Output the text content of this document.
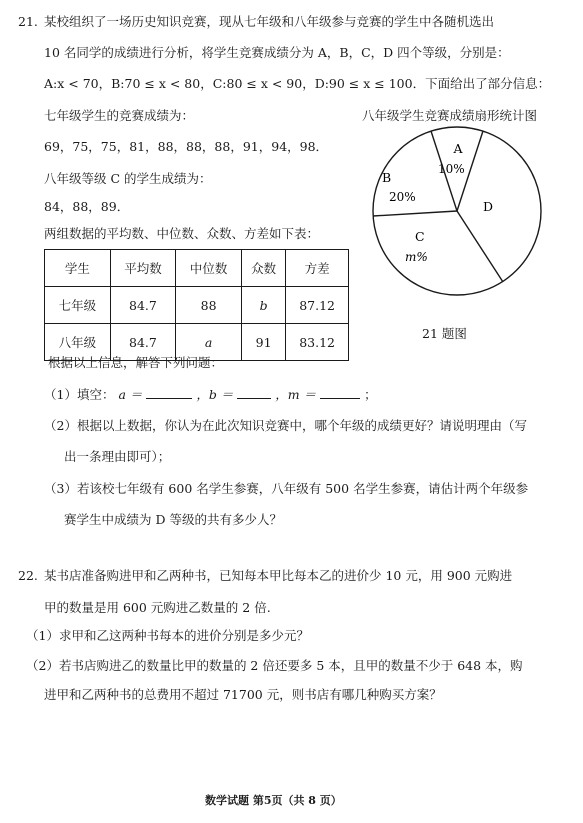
21. 某校组织了一场历史知识竞赛，现从七年级和八年级参与竞赛的学生中各随机选出
10 名同学的成绩进行分析，将学生竞赛成绩分为 A，B，C，D 四个等级，分别是：
A:x < 70，B:70 ≤ x < 80，C:80 ≤ x < 90，D:90 ≤ x ≤ 100．下面给出了部分信息：
七年级学生的竞赛成绩为：
69，75，75，81，88，88，88，91，94，98．
八年级等级 C 的学生成绩为：
84，88，89．
两组数据的平均数、中位数、众数、方差如下表：
学生	平均数	中位数	众数	方差
七年级	84.7	88	b	87.12
八年级	84.7	a	91	83.12
八年级学生竞赛成绩扇形统计图
A
10%
B
20%
C
m%
D
21 题图
根据以上信息，解答下列问题：
（1）填空： a ＝	，b ＝	，m ＝	；
（2）根据以上数据，你认为在此次知识竞赛中，哪个年级的成绩更好？请说明理由（写
出一条理由即可）；
（3）若该校七年级有 600 名学生参赛，八年级有 500 名学生参赛，请估计两个年级参
赛学生中成绩为 D 等级的共有多少人？
22. 某书店准备购进甲和乙两种书，已知每本甲比每本乙的进价少 10 元，用 900 元购进
甲的数量是用 600 元购进乙数量的 2 倍.
（1）求甲和乙这两种书每本的进价分别是多少元？
（2）若书店购进乙的数量比甲的数量的 2 倍还要多 5 本，且甲的数量不少于 648 本，购
进甲和乙两种书的总费用不超过 71700 元，则书店有哪几种购买方案？
数学试题 第5页（共 8 页）
